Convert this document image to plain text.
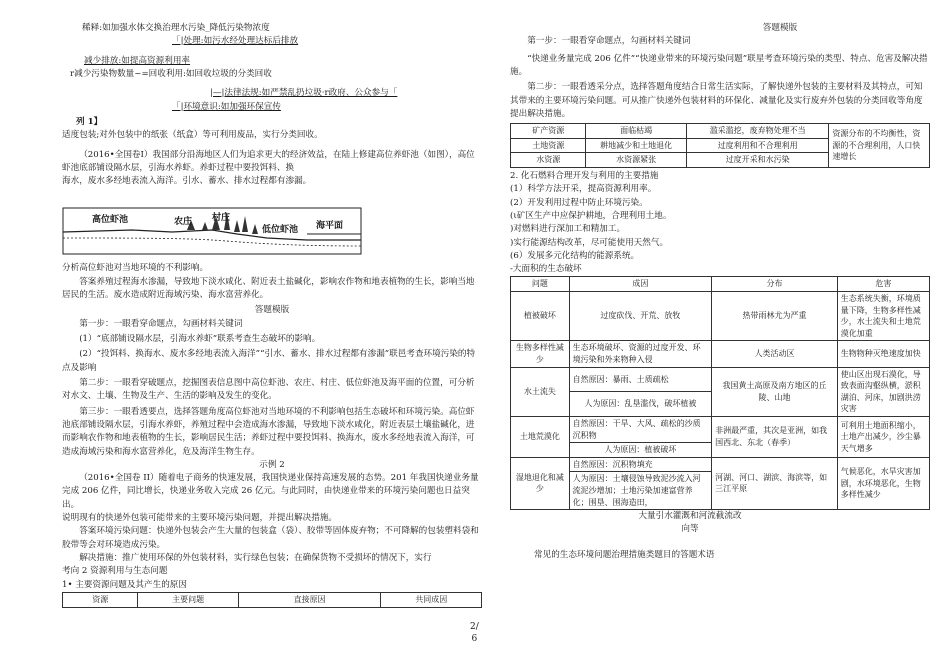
稀释:如加强水体交换治理水污染_降低污染物浓度

「|处理:如污水经处理达标后排放

减少排放:如提高资源利用率

r减少污染物数量~=回收利用:如回收垃圾的分类回收

|—|法律法规:如严禁乱扔垃圾·r政府、公众参与「

「|环境意识:如加强环保宣传

列 1】

适度包装;对外包装中的纸张（纸盒）等可利用废品，实行分类回收。

（2016•全国卷I）我国部分沿海地区人们为追求更大的经济效益，在陆上修建高位养虾池（如图），高位虾池底部铺设隔水层，引海水养虾。养虾过程中要投饵料、换

海水，废水多经地表流入海洋。引水、蓄水、排水过程都有渗漏。

高位虾池	农庄 村庄
低位虾池 海平面

分析高位虾池对当地环境的不利影响。

答案养殖过程海水渗漏，导致地下淡水咸化、附近表土盐碱化，影响农作物和地表植物的生长，影响当地居民的生活。废水造成附近海域污染、海水富营养化。

答题模版

第一步：一眼看穿命题点，勾画材料关键词

(1）“底部铺设隔水层，引海水养虾”联系考查生态破坏的影响。

(2）“投饵料、换海水、废水多经地表流入海洋”“引水、蓄水、排水过程都有渗漏”联邑考查环境污染的特点及影响

第二步：一眼看穿破题点，挖掘图表信息图中高位虾池、农庄、村庄、低位虾池及海平面的位置，可分析对水文、土壤、生物及生产、生活的影响及发生的变化。

第三步：一眼看透要点，选择答题角度高位虾池对当地环境的不利影响包括生态破坏和环境污染。高位虾池底部铺设隔水层，引海水养虾，养殖过程中会造成海水渗漏，导致地下淡水咸化，附近表层土壤盐碱化，进而影响农作物和地表植物的生长，影响居民生活；养虾过程中要投饵料、换海水，废水多经地表流入海洋，可造成海域污染和海水富营养化，危及海洋生物生存。

示例 2

（2016•全国卷 II）随着电子商务的快速发展，我国快递业保持高速发展的态势。201 年我国快递业务量完成 206 亿件，同比增长，快递业务收入完成 26 亿元。与此同时，由快递业带来的环境污染问题也日益突出。

说明现有的快递外包装可能带来的主要环境污染问题，并提出解决措施。

答案环境污染问题：快递外包装会产生大量的包装盒（袋）、胶带等固体废弃物；不可降解的包装塑料袋和胶带等会对环境造成污染。

解决措施：推广使用环保的外包装材料，实行绿色包装；在确保货物不受损坏的情况下，实行

考向 2 资源利用与生态问题

1• 主要资源问题及其产生的原因

资源	主要问题	直接原因	共同成因

答题模版

第一步：一眼看穿命题点，勾画材料关键词

“快递业务量完成 206 亿件”“快递业带来的环境污染问题”联星考查环境污染的类型、特点、危害及解决措施。

第二步：一眼看透采分点，选择答题角度结合日常生活实际，了解快递外包装的主要材料及其特点，可知其带来的主要环境污染问题。可从推广快递外包装材料的环保化、减量化及实行废弃外包装的分类回收等角度提出解决措施。

矿产资源	面临枯竭	滥采滥挖，废弃物处理不当	资源分布的不均衡性，资源的不合理利用，人口快速增长
土地资源	耕地减少和土地退化	过度利用和不合理利用	
水资源	水资源紧张	过度开采和水污染	

2. 化石燃料合理开发与利用的主要措施

(1）科学方法开采，提高资源利用率。

(2）开发利用过程中防止环境污染。

(ι矿区生产中应保护耕地，合理利用土地。

)对燃料进行深加工和精加工。

)实行能源结构改革，尽可能使用天然气。

(6）发展多元化结构的能源系统。

-大面积的生态破坏

问题	成因	分布	危害
植被破坏	过度砍伐、开荒、放牧	热带雨林尤为严重	生态系统失衡，环境质量下降，生物多样性减少，水土流失和土地荒漠化加重
生物多样性减少	生态环境破坏、资源的过度开发、环境污染和外来物种入侵	人类活动区	生物物种灭绝速度加快
水土流失	自然原因：暴雨、土质疏松	我国黄土高原及南方地区的丘陵、山地	使山区出现石漠化，导致表面沟壑纵横，淤积湖泊、河床，加剧洪涝灾害
	人为原因：乱垦滥伐，破坏植被		
土地荒漠化	自然原因：干旱、大风、疏松的沙质沉积物	非洲最严重，其次是亚洲，如我国西北、东北（春季）	可利用土地面积缩小，土地产出减少，沙尘暴天气增多
	人为原因：植被破坏		
湿地退化和减少	自然原因：沉积物填充	河湖、河口、湖滨、海滨等，如三江平原	气候恶化，水旱灾害加剧，水环境恶化，生物多样性减少
	人为原因：土壤侵蚀导致泥沙流入河流泥沙增加；土地污染加速富营养化；围垦、围海造田，		

大量引水灌溉和河流截流改

向等

常见的生态环境问题治理措施类题目的答题术语

2/
6
